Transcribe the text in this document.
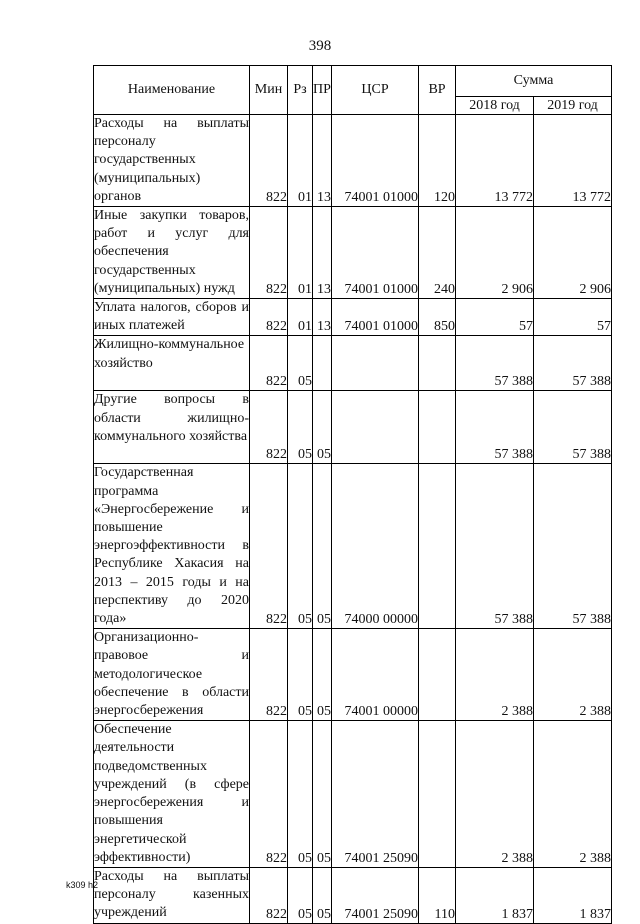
398
Наименование	Мин	Рз	ПР	ЦСР	ВР	Сумма	
						2018 год	2019 год
Расходы на выплаты персоналу государственных (муниципальных) органов	822	01	13	74001 01000	120	13 772	13 772
Иные закупки товаров, работ и услуг для обеспечения государственных (муниципальных) нужд	822	01	13	74001 01000	240	2 906	2 906
Уплата налогов, сборов и иных платежей	822	01	13	74001 01000	850	57	57
Жилищно-коммунальное хозяйство	822	05				57 388	57 388
Другие вопросы в области жилищно-коммунального хозяйства	822	05	05			57 388	57 388
Государственная программа «Энергосбережение и повышение энергоэффективности в Республике Хакасия на 2013 – 2015 годы и на перспективу до 2020 года»	822	05	05	74000 00000		57 388	57 388
Организационно-правовое и методологическое обеспечение в области энергосбережения	822	05	05	74001 00000		2 388	2 388
Обеспечение деятельности подведомственных учреждений (в сфере энергосбережения и повышения энергетической эффективности)	822	05	05	74001 25090		2 388	2 388
Расходы на выплаты персоналу казенных учреждений	822	05	05	74001 25090	110	1 837	1 837
k309 h2
